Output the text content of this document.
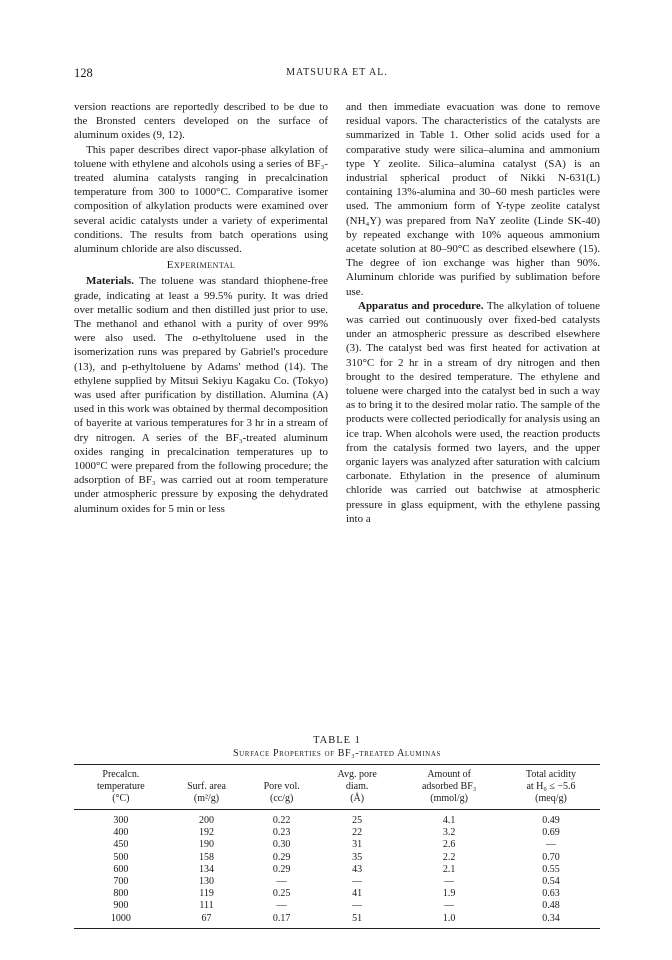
128	MATSUURA ET AL.

version reactions are reportedly described to be due to the Bronsted centers developed on the surface of aluminum oxides (9, 12).

This paper describes direct vapor-phase alkylation of toluene with ethylene and alcohols using a series of BF₃-treated alumina catalysts ranging in precalcination temperature from 300 to 1000°C. Comparative isomer composition of alkylation products were examined over several acidic catalysts under a variety of experimental conditions. The results from batch operations using aluminum chloride are also discussed.

Experimental

Materials. The toluene was standard thiophene-free grade, indicating at least a 99.5% purity. It was dried over metallic sodium and then distilled just prior to use. The methanol and ethanol with a purity of over 99% were also used. The o-ethyltoluene used in the isomerization runs was prepared by Gabriel's procedure (13), and p-ethyltoluene by Adams' method (14). The ethylene supplied by Mitsui Sekiyu Kagaku Co. (Tokyo) was used after purification by distillation. Alumina (A) used in this work was obtained by thermal decomposition of bayerite at various temperatures for 3 hr in a stream of dry nitrogen. A series of the BF₃-treated aluminum oxides ranging in precalcination temperatures up to 1000°C were prepared from the following procedure; the adsorption of BF₃ was carried out at room temperature under atmospheric pressure by exposing the dehydrated aluminum oxides for 5 min or less

and then immediate evacuation was done to remove residual vapors. The characteristics of the catalysts are summarized in Table 1. Other solid acids used for a comparative study were silica–alumina and ammonium type Y zeolite. Silica–alumina catalyst (SA) is an industrial spherical product of Nikki N-631(L) containing 13%-alumina and 30–60 mesh particles were used. The ammonium form of Y-type zeolite catalyst (NH₄Y) was prepared from NaY zeolite (Linde SK-40) by repeated exchange with 10% aqueous ammonium acetate solution at 80–90°C as described elsewhere (15). The degree of ion exchange was higher than 90%. Aluminum chloride was purified by sublimation before use.

Apparatus and procedure. The alkylation of toluene was carried out continuously over fixed-bed catalysts under an atmospheric pressure as described elsewhere (3). The catalyst bed was first heated for activation at 310°C for 2 hr in a stream of dry nitrogen and then brought to the desired temperature. The ethylene and toluene were charged into the catalyst bed in such a way as to bring it to the desired molar ratio. The sample of the products were collected periodically for analysis using an ice trap. When alcohols were used, the reaction products from the catalysis formed two layers, and the upper organic layers was analyzed after saturation with calcium carbonate. Ethylation in the presence of aluminum chloride was carried out batchwise at atmospheric pressure in glass equipment, with the ethylene passing into a

TABLE 1
Surface Properties of BF₃-treated Aluminas
Precalcn.			Avg. pore	Amount of	Total acidity
temperature	Surf. area	Pore vol.	diam.	adsorbed BF₃	at H₀ ≤ −5.6
(°C)	(m²/g)	(cc/g)	(Å)	(mmol/g)	(meq/g)
300	200	0.22	25	4.1	0.49
400	192	0.23	22	3.2	0.69
450	190	0.30	31	2.6	—
500	158	0.29	35	2.2	0.70
600	134	0.29	43	2.1	0.55
700	130	—	—	—	0.54
800	119	0.25	41	1.9	0.63
900	111	—	—	—	0.48
1000	67	0.17	51	1.0	0.34
